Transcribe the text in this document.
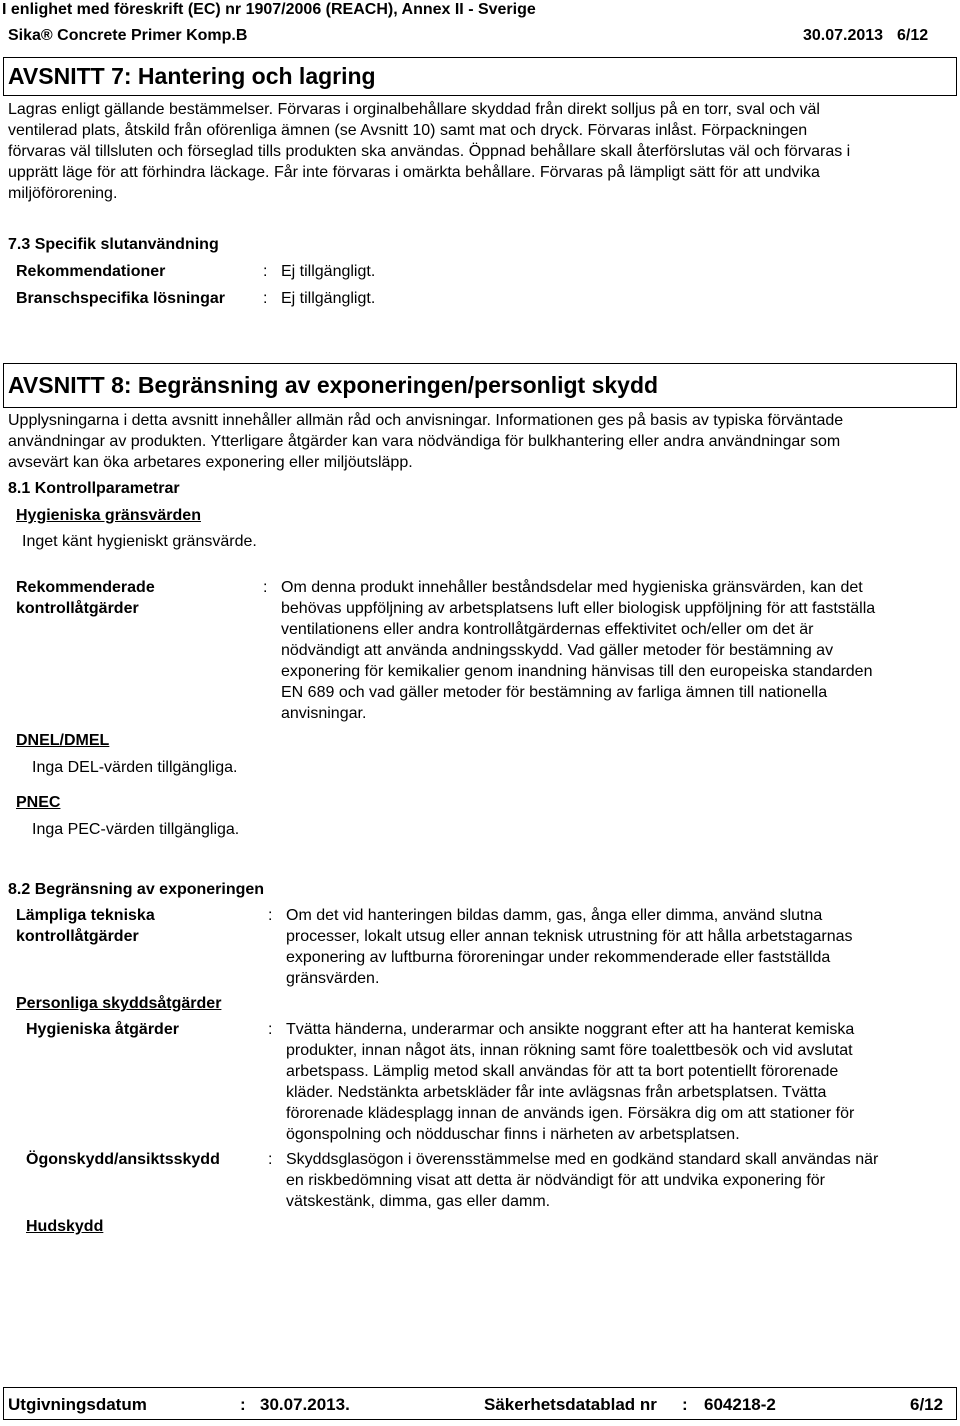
I enlighet med föreskrift (EC) nr 1907/2006 (REACH), Annex II - Sverige
Sika® Concrete Primer Komp.B	30.07.2013 6/12
AVSNITT 7: Hantering och lagring
Lagras enligt gällande bestämmelser. Förvaras i orginalbehållare skyddad från direkt solljus på en torr, sval och väl
ventilerad plats, åtskild från oförenliga ämnen (se Avsnitt 10) samt mat och dryck. Förvaras inlåst. Förpackningen
förvaras väl tillsluten och förseglad tills produkten ska användas. Öppnad behållare skall återförslutas väl och förvaras i
upprätt läge för att förhindra läckage. Får inte förvaras i omärkta behållare. Förvaras på lämpligt sätt för att undvika
miljöförorening.
7.3 Specifik slutanvändning
Rekommendationer	: Ej tillgängligt.
Branschspecifika lösningar : Ej tillgängligt.
AVSNITT 8: Begränsning av exponeringen/personligt skydd
Upplysningarna i detta avsnitt innehåller allmän råd och anvisningar. Informationen ges på basis av typiska förväntade
användningar av produkten. Ytterligare åtgärder kan vara nödvändiga för bulkhantering eller andra användningar som
avsevärt kan öka arbetares exponering eller miljöutsläpp.
8.1 Kontrollparametrar
Hygieniska gränsvärden
Inget känt hygieniskt gränsvärde.
Rekommenderade
kontrollåtgärder
: Om denna produkt innehåller beståndsdelar med hygieniska gränsvärden, kan det
behövas uppföljning av arbetsplatsens luft eller biologisk uppföljning för att fastställa
ventilationens eller andra kontrollåtgärdernas effektivitet och/eller om det är
nödvändigt att använda andningsskydd. Vad gäller metoder för bestämning av
exponering för kemikalier genom inandning hänvisas till den europeiska standarden
EN 689 och vad gäller metoder för bestämning av farliga ämnen till nationella
anvisningar.
DNEL/DMEL
Inga DEL-värden tillgängliga.
PNEC
Inga PEC-värden tillgängliga.
8.2 Begränsning av exponeringen
Lämpliga tekniska
kontrollåtgärder
: Om det vid hanteringen bildas damm, gas, ånga eller dimma, använd slutna
processer, lokalt utsug eller annan teknisk utrustning för att hålla arbetstagarnas
exponering av luftburna föroreningar under rekommenderade eller fastställda
gränsvärden.
Personliga skyddsåtgärder
Hygieniska åtgärder	: Tvätta händerna, underarmar och ansikte noggrant efter att ha hanterat kemiska
produkter, innan något äts, innan rökning samt före toalettbesök och vid avslutat
arbetspass. Lämplig metod skall användas för att ta bort potentiellt förorenade
kläder. Nedstänkta arbetskläder får inte avlägsnas från arbetsplatsen. Tvätta
förorenade klädesplagg innan de används igen. Försäkra dig om att stationer för
ögonspolning och nödduschar finns i närheten av arbetsplatsen.
Ögonskydd/ansiktsskydd	: Skyddsglasögon i överensstämmelse med en godkänd standard skall användas när
en riskbedömning visat att detta är nödvändigt för att undvika exponering för
vätskestänk, dimma, gas eller damm.
Hudskydd
Utgivningsdatum	: 30.07.2013.	Säkerhetsdatablad nr : 604218-2	6/12
